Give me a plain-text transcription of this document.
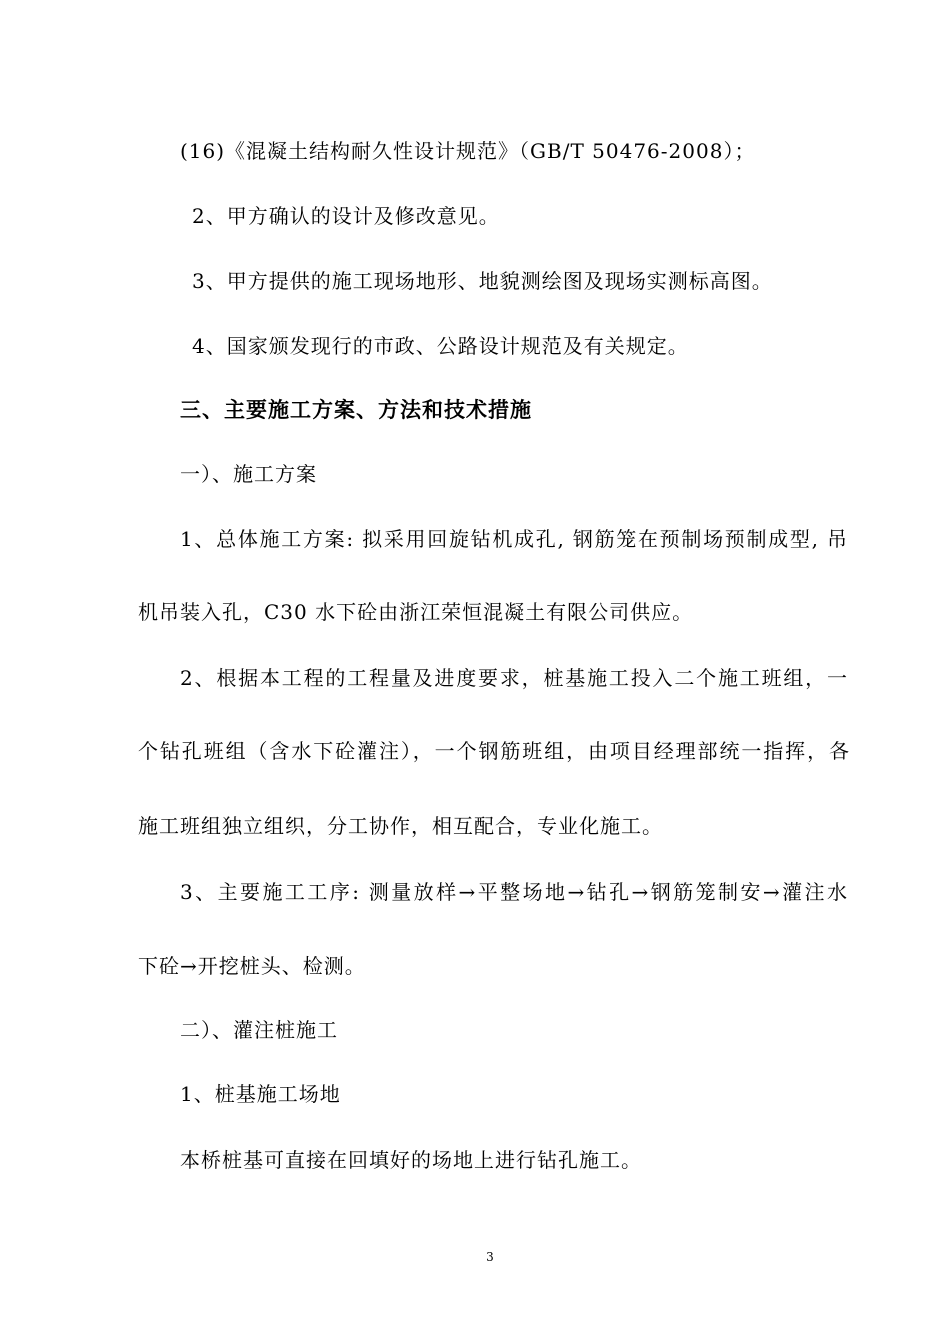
(16)《混凝土结构耐久性设计规范》（GB/T 50476-2008）；
2、甲方确认的设计及修改意见。
3、甲方提供的施工现场地形、地貌测绘图及现场实测标高图。
4、国家颁发现行的市政、公路设计规范及有关规定。
三、主要施工方案、方法和技术措施
一）、施工方案
1、总体施工方案: 拟采用回旋钻机成孔, 钢筋笼在预制场预制成型, 吊
机吊装入孔，C30 水下砼由浙江荣恒混凝土有限公司供应。
2、根据本工程的工程量及进度要求，桩基施工投入二个施工班组，一
个钻孔班组（含水下砼灌注），一个钢筋班组，由项目经理部统一指挥，各
施工班组独立组织，分工协作，相互配合，专业化施工。
3、主要施工工序: 测量放样→平整场地→钻孔→钢筋笼制安→灌注水
下砼→开挖桩头、检测。
二）、灌注桩施工
1、桩基施工场地
本桥桩基可直接在回填好的场地上进行钻孔施工。
3
